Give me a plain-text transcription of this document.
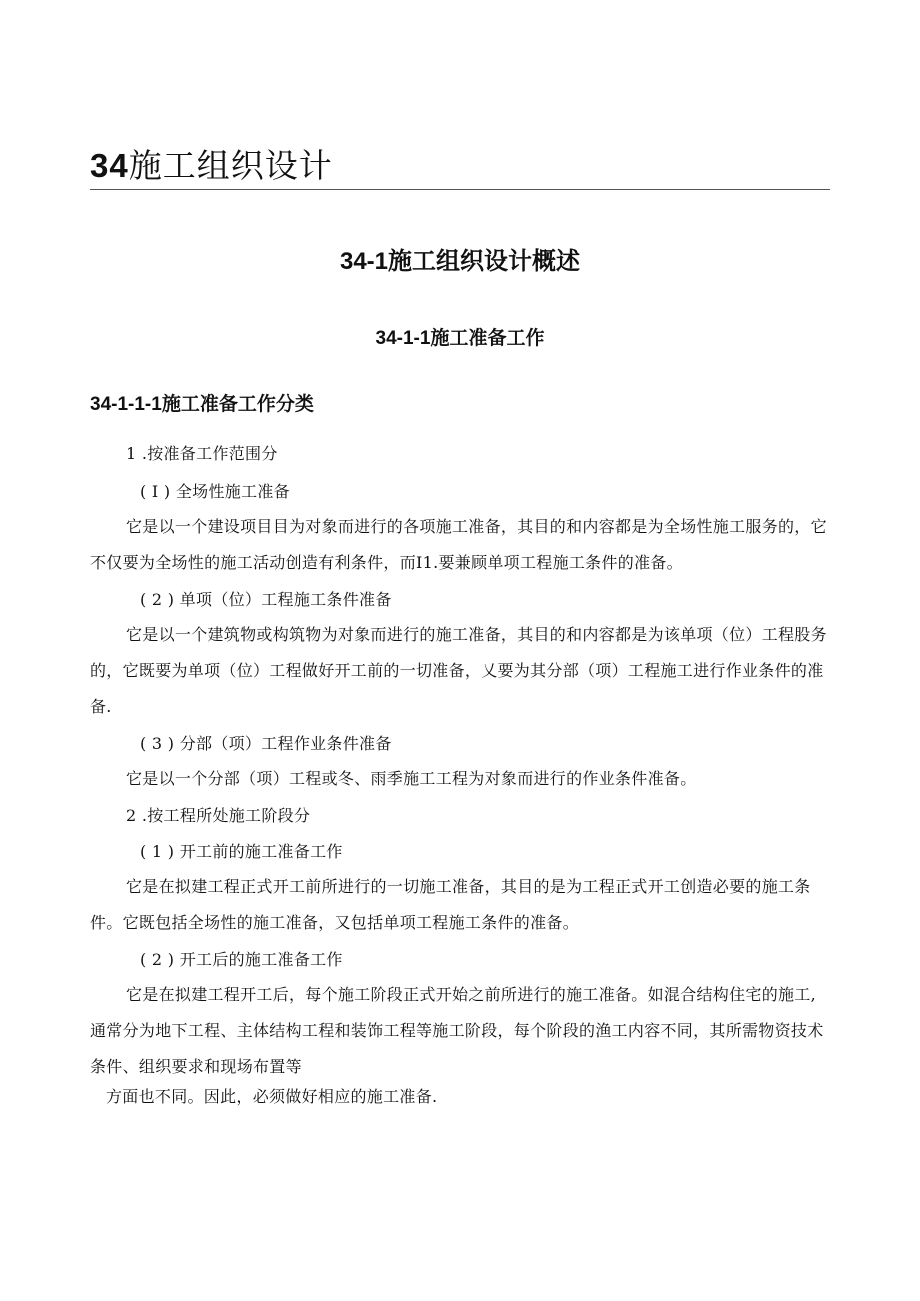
34施工组织设计
34-1施工组织设计概述
34-1-1施工准备工作
34-1-1-1施工准备工作分类
1 .按准备工作范围分
( I ) 全场性施工准备
它是以一个建设项目目为对象而进行的各项施工准备，其目的和内容都是为全场性施工服务的，它不仅要为全场性的施工活动创造有利条件，而I1.要兼顾单项工程施工条件的准备。
( 2 ) 单项（位）工程施工条件准备
它是以一个建筑物或构筑物为对象而进行的施工准备，其目的和内容都是为该单项（位）工程股务的，它既要为单项（位）工程做好开工前的一切准备，乂要为其分部（项）工程施工进行作业条件的准备.
( 3 ) 分部（项）工程作业条件准备
它是以一个分部（项）工程或冬、雨季施工工程为对象而进行的作业条件准备。
2 .按工程所处施工阶段分
( 1 ) 开工前的施工准备工作
它是在拟建工程正式开工前所进行的一切施工准备，其目的是为工程正式开工创造必要的施工条件。它既包括全场性的施工准备，又包括单项工程施工条件的准备。
( 2 ) 开工后的施工准备工作
它是在拟建工程开工后，每个施工阶段正式开始之前所进行的施工准备。如混合结构住宅的施工,通常分为地下工程、主体结构工程和装饰工程等施工阶段，每个阶段的渔工内容不同，其所需物资技术条件、组织要求和现场布置等
方面也不同。因此，必须做好相应的施工准备.
